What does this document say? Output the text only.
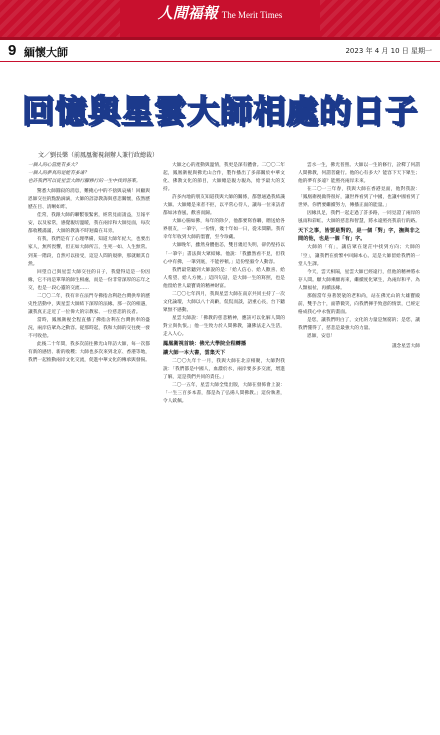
人間福報 The Merit Times
9 緬懷大師	2023 年 4 月 10 日 星期一
回憶與星雲大師相處的日子
文／劉長樂（前鳳凰衛視創辦人兼行政總裁）

一個人的心當能有多大？

一個人的夢真的是能有多遠？

也許我們可以從星雲大師行腳修行的一生中找到答案。

驚悉大師圓寂的消息，難掩心中的不捨與哀痛！回顧與恩師交往的點點滴滴，大師的諄諄教誨與慈悲關懷，依然歷歷在目、清晰如昨。

佳常，我跟大師的聯繫很緊密，經常見面請益，互報平安，以及家常，感覺親切溫暖，我在兩岸和大師見面，每次都收穫滿滿，大師的教誨不時迴蕩在耳旁。

有我，我們是有了心理準備，知道大師年紀大，也要出家人，無所畏懼，但正如大師所言，生死一如、人生無常。到某一階段，自然可以接受，這是人間的規律，那就順其自然。

回望自己與星雲大師交往的日子，我覺得這是一份因緣，它不再是單單的師生相處，而是一份非常深厚的忘年之交，也是一段心靈的交流……

二〇〇二年，我有幸在法門寺佛指舍利赴台灣供奉的歷史性活動中，與星雲大師結下深厚的法緣。那一次的相遇，讓我真正走近了一位偉大的宗教家、一位慈悲的長者。

當時，鳳凰衛視全程直播了佛指舍利在台灣供奉的盛況，兩岸信眾為之動容。從那時起，我和大師的交往便一發不可收拾。

此後二十年間，我多次前往佛光山拜訪大師，每一次都有新的感悟、新的收穫；大師也多次來到北京、香港等地，我們一起推動兩岸文化交流，促進中華文化的傳承與發揚。

大師之心的產動與溫情，我更是深有體會。二〇〇二年起，鳳凰衛視與佛光山合作，製作播出了多部關於中華文化、佛教文化的節目，大師總是親力親為，給予最大的支持。

許多內地的朋友知道我與大師的關係，都想通過我結識大師。大師總是來者不拒，以平常心待人，讓每一位來訪者都如沐春風，歡喜而歸。

大師心腸如佛，每年的除夕，他都要寫春聯，贈送給各界朋友，一筆字，一份情，幾十年如一日，從未間斷。我有幸年年收到大師的墨寶，至今珍藏。

大師晚年，雖然身體抱恙，雙目幾近失明，卻仍堅持以「一筆字」書法與大眾結緣。他說：「我雖然看不見，但我心中有佛，一筆到底，不能停頓。」這份堅毅令人動容。

我們最常聽到大師說的是：「給人信心、給人歡喜、給人希望、給人方便。」這四句話，是大師一生的寫照，也是他留給世人最寶貴的精神財富。

二〇〇七年四月，我與星雲大師在南京共同主持了一次文化論壇，大師以八十高齡，侃侃而談，語重心長，台下聽眾無不感動。

星雲大師說：「佛教的慈悲精神，應該可以化解人間的對立與仇恨。」他一生致力於人間佛教，讓佛法走入生活，走入人心。

鳳凰衛視首映：佛光大學院全程轉播

讓大師一本大書，雲集天下

二〇〇九年十一月，我與大師在北京相聚，大師對我說：「我們都是中國人，血濃於水，兩岸要多多交流，增進了解，這是我們共同的責任。」

二〇一五年，星雲大師全集出版，大師在發佈會上說：「一生三百多本書，都是為了弘揚人間佛教。」這份執著，令人欽佩。

雲水一生，佛光普照。大師以一生的修行，詮釋了何謂人間佛教，何謂菩薩行。他的心有多大？能容下天下眾生；他的夢有多遠？能照亮兩岸未來。

在二〇一三年春，我與大師在香港見面，他對我說：「鳳凰衛視做得很好，讓世界看到了中國，也讓中國看到了世界。你們要繼續努力，傳播正面的能量。」

因緣具足，我們一起走過了許多路，一同見證了兩岸的風雨和彩虹。大師的慈悲和智慧，將永遠照亮我前行的路。

天下之事，皆要是對的，是一個「對」字，撫與非之間的他，也是一個「有」字。

大師的「有」，讓信眾在迷茫中找到方向；大師的「空」，讓我們在紛繁中回歸本心。這是大師留給我們的一堂人生課。

今天，雲天相隔，星雲大師已經遠行，但他的精神將永存人間。願大師乘願再來，繼續度化眾生，為兩岸和平、為人類福祉，再續法緣。

那個當年身著袈裟的老和尚，站在佛光山的大雄寶殿前，雙手合十，面帶微笑，向我們揮手致意的情景，已經定格成我心中永恆的畫面。

是您，讓我們明白了，文化的力量是無窮的；是您，讓我們懂得了，慈悲是最強大的力量。

恩師，安息！

謹念星雲大師
